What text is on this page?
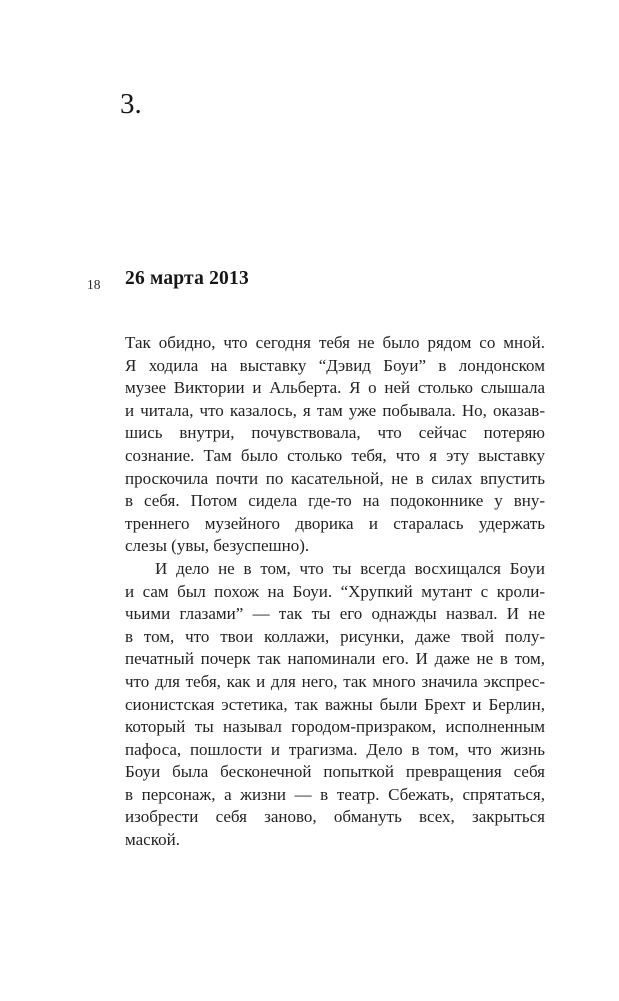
3.
18 26 марта 2013
Так обидно, что сегодня тебя не было рядом со мной.
Я ходила на выставку “Дэвид Боуи” в лондонском
музее Виктории и Альберта. Я о ней столько слышала
и читала, что казалось, я там уже побывала. Но, оказав-
шись внутри, почувствовала, что сейчас потеряю
сознание. Там было столько тебя, что я эту выставку
проскочила почти по касательной, не в силах впустить
в себя. Потом сидела где-то на подоконнике у вну-
треннего музейного дворика и старалась удержать
слезы (увы, безуспешно).
И дело не в том, что ты всегда восхищался Боуи
и сам был похож на Боуи. “Хрупкий мутант с кроли-
чьими глазами” — так ты его однажды назвал. И не
в том, что твои коллажи, рисунки, даже твой полу-
печатный почерк так напоминали его. И даже не в том,
что для тебя, как и для него, так много значила экспрес-
сионистская эстетика, так важны были Брехт и Берлин,
который ты называл городом-призраком, исполненным
пафоса, пошлости и трагизма. Дело в том, что жизнь
Боуи была бесконечной попыткой превращения себя
в персонаж, а жизни — в театр. Сбежать, спрятаться,
изобрести себя заново, обмануть всех, закрыться
маской.
